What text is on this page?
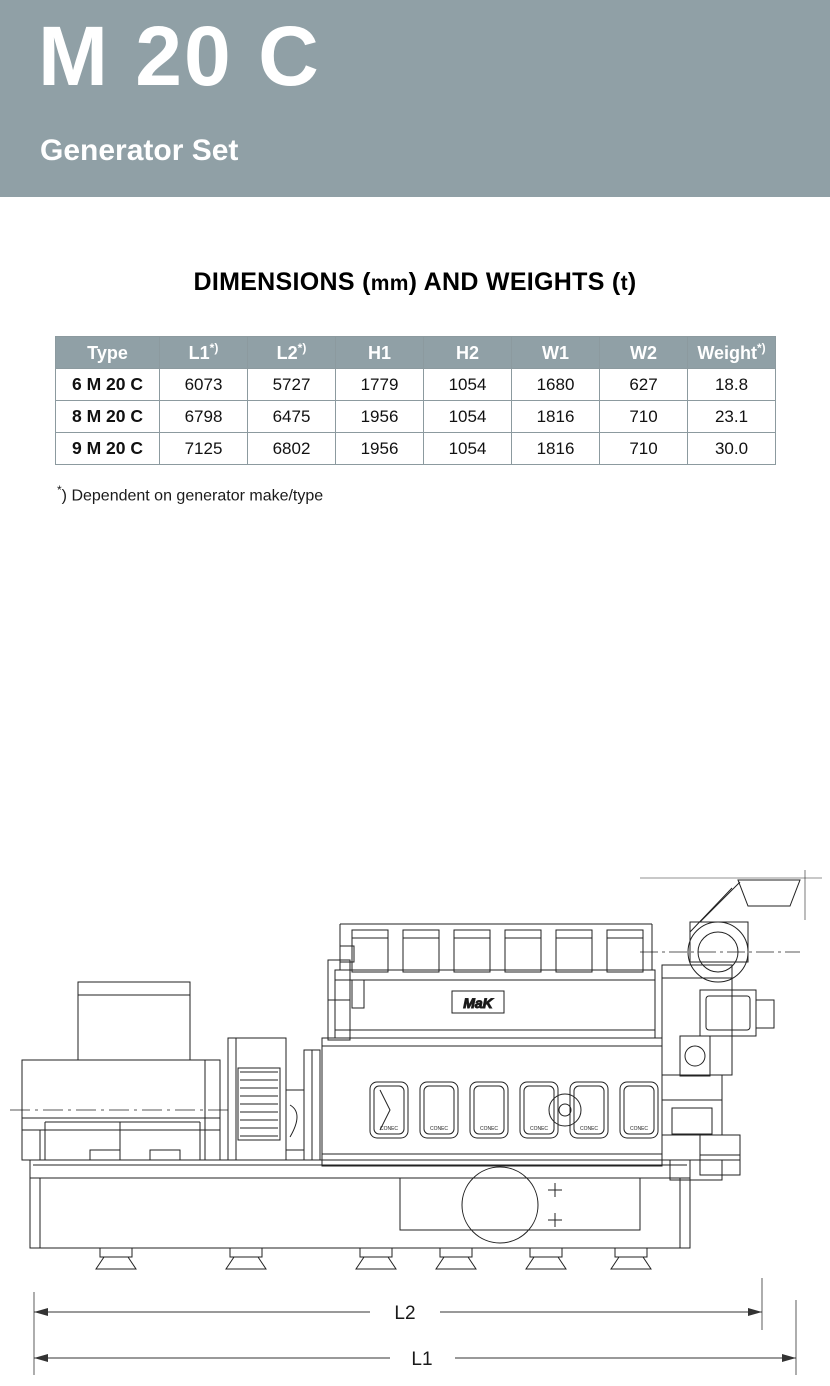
M 20 C
Generator Set
DIMENSIONS (mm) AND WEIGHTS (t)
Type	L1*)	L2*)	H1	H2	W1	W2	Weight*)
6 M 20 C	6073	5727	1779	1054	1680	627	18.8
8 M 20 C	6798	6475	1956	1054	1816	710	23.1
9 M 20 C	7125	6802	1956	1054	1816	710	30.0
*) Dependent on generator make/type
MaK
CONEC	CONEC	CONEC	CONEC	CONEC	CONEC
L2
L1
